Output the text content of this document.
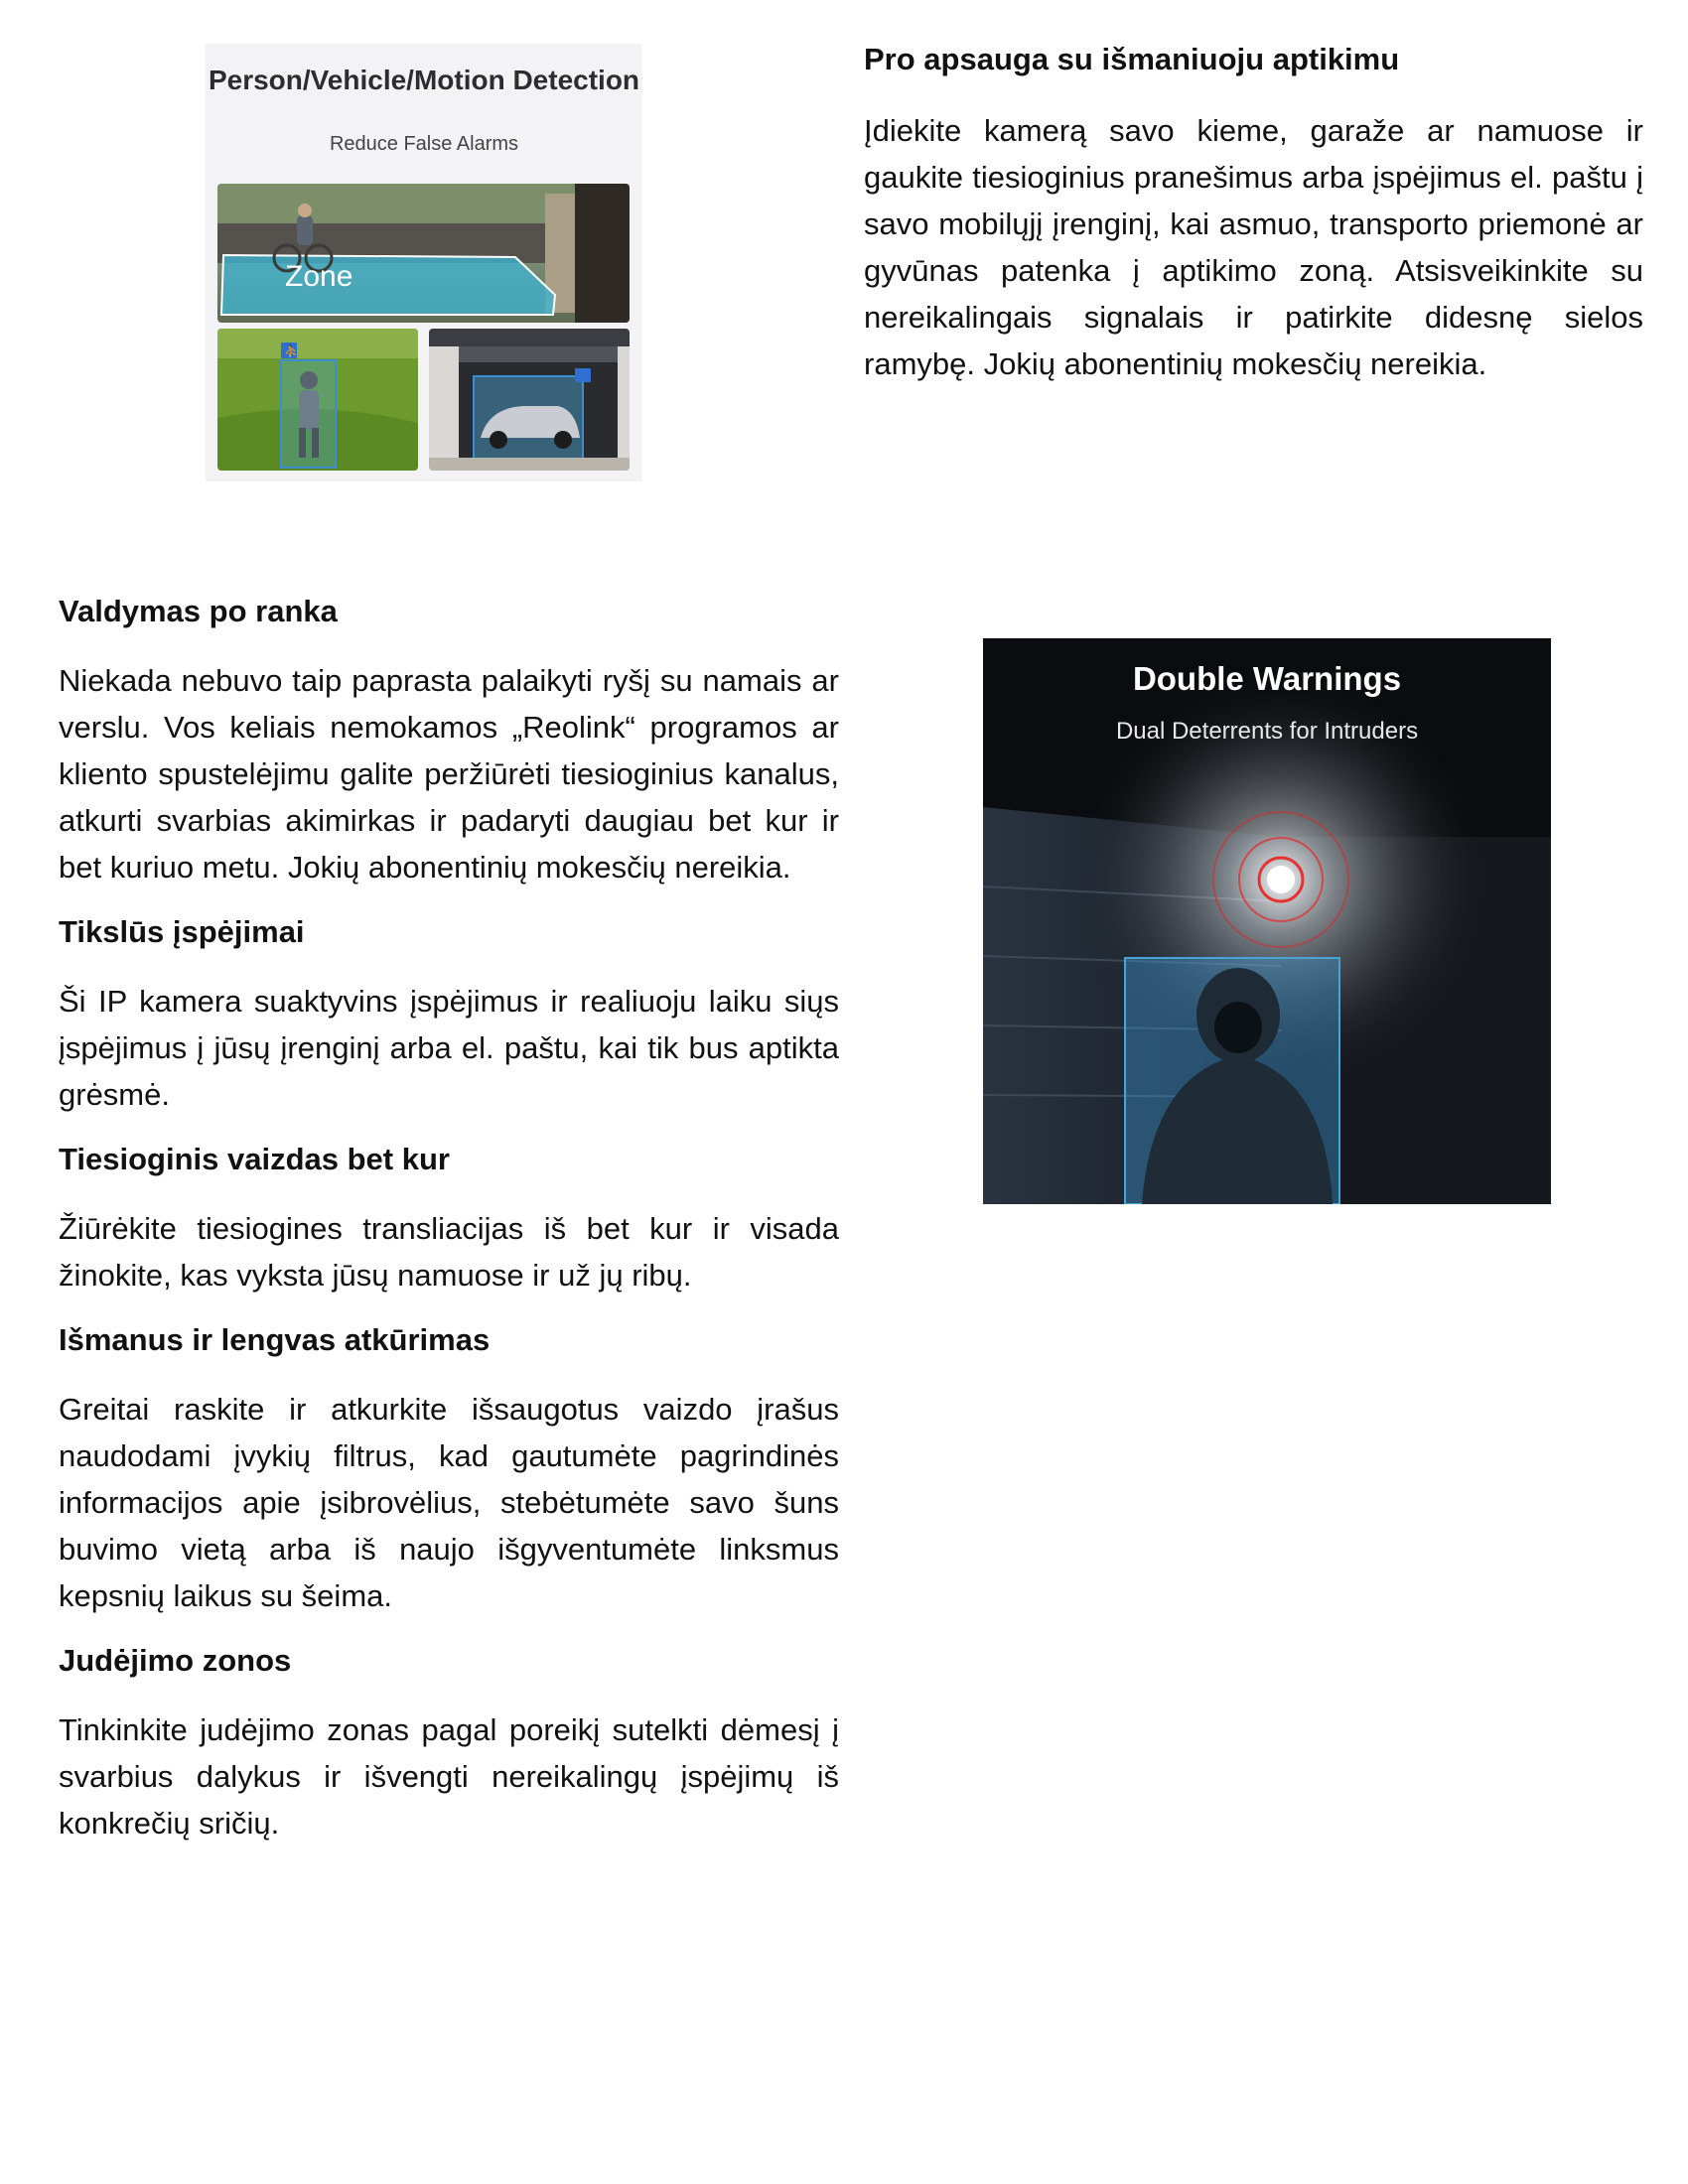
Person/Vehicle/Motion Detection
Reduce False Alarms
Zone
⛹

Pro apsauga su išmaniuoju aptikimu

Įdiekite kamerą savo kieme, garaže ar namuose ir gaukite tiesioginius pranešimus arba įspėjimus el. paštu į savo mobilųjį įrenginį, kai asmuo, transporto priemonė ar gyvūnas patenka į aptikimo zoną. Atsisveikinkite su nereikalingais signalais ir patirkite didesnę sielos ramybę. Jokių abonentinių mokesčių nereikia.

Valdymas po ranka

Niekada nebuvo taip paprasta palaikyti ryšį su namais ar verslu. Vos keliais nemokamos „Reolink“ programos ar kliento spustelėjimu galite peržiūrėti tiesioginius kanalus, atkurti svarbias akimirkas ir padaryti daugiau bet kur ir bet kuriuo metu. Jokių abonentinių mokesčių nereikia.

Tikslūs įspėjimai

Ši IP kamera suaktyvins įspėjimus ir realiuoju laiku siųs įspėjimus į jūsų įrenginį arba el. paštu, kai tik bus aptikta grėsmė.

Tiesioginis vaizdas bet kur

Žiūrėkite tiesiogines transliacijas iš bet kur ir visada žinokite, kas vyksta jūsų namuose ir už jų ribų.

Išmanus ir lengvas atkūrimas

Greitai raskite ir atkurkite išsaugotus vaizdo įrašus naudodami įvykių filtrus, kad gautumėte pagrindinės informacijos apie įsibrovėlius, stebėtumėte savo šuns buvimo vietą arba iš naujo išgyventumėte linksmus kepsnių laikus su šeima.

Judėjimo zonos

Tinkinkite judėjimo zonas pagal poreikį sutelkti dėmesį į svarbius dalykus ir išvengti nereikalingų įspėjimų iš konkrečių sričių.

Double Warnings
Dual Deterrents for Intruders
